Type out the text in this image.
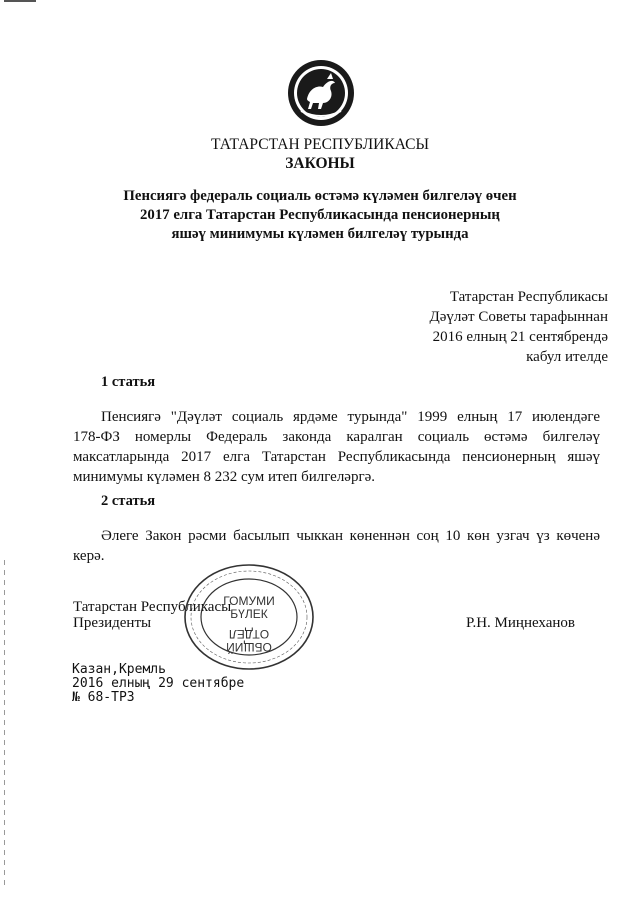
ТАТАРСТАН РЕСПУБЛИКАСЫ
ЗАКОНЫ
Пенсиягә федераль социаль өстәмә күләмен билгеләү өчен
2017 елга Татарстан Республикасында пенсионерның
яшәү минимумы күләмен билгеләү турында
Татарстан Республикасы
Дәүләт Советы тарафыннан
2016 елның 21 сентябрендә
кабул ителде
1 статья
Пенсиягә "Дәүләт социаль ярдәме турында" 1999 елның 17 июлендәге
178-ФЗ номерлы Федераль законда каралган социаль өстәмә билгеләү
максатларында 2017 елга Татарстан Республикасында пенсионерның яшәү
минимумы күләмен 8 232 сум итеп билгеләргә.
2 статья
Әлеге Закон рәсми басылып чыккан көненнән соң 10 көн узгач үз көченә
керә.
Татарстан Республикасы
Президенты	Р.Н. Миңнеханов
ГОМУМИ
БҮЛЕК
ОТДЕЛ
ОБЩИЙ
Казан,Кремль
2016 елның 29 сентябре
№ 68-ТРЗ
